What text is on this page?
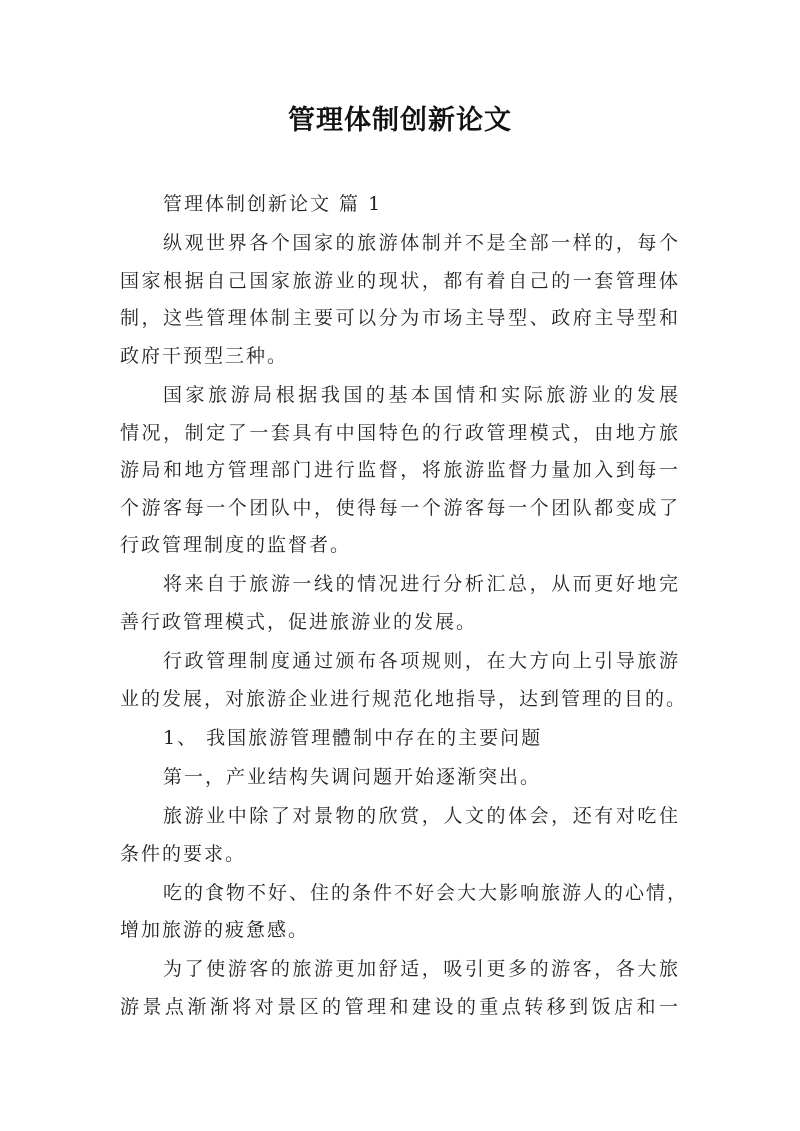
管理体制创新论文
管理体制创新论文 篇 1
纵观世界各个国家的旅游体制并不是全部一样的，每个
国家根据自己国家旅游业的现状，都有着自己的一套管理体
制，这些管理体制主要可以分为市场主导型、政府主导型和
政府干预型三种。
国家旅游局根据我国的基本国情和实际旅游业的发展
情况，制定了一套具有中国特色的行政管理模式，由地方旅
游局和地方管理部门进行监督，将旅游监督力量加入到每一
个游客每一个团队中，使得每一个游客每一个团队都变成了
行政管理制度的监督者。
将来自于旅游一线的情况进行分析汇总，从而更好地完
善行政管理模式，促进旅游业的发展。
行政管理制度通过颁布各项规则，在大方向上引导旅游
业的发展，对旅游企业进行规范化地指导，达到管理的目的。
1、 我国旅游管理體制中存在的主要问题
第一，产业结构失调问题开始逐渐突出。
旅游业中除了对景物的欣赏，人文的体会，还有对吃住
条件的要求。
吃的食物不好、住的条件不好会大大影响旅游人的心情，
增加旅游的疲惫感。
为了使游客的旅游更加舒适，吸引更多的游客，各大旅
游景点渐渐将对景区的管理和建设的重点转移到饭店和一
